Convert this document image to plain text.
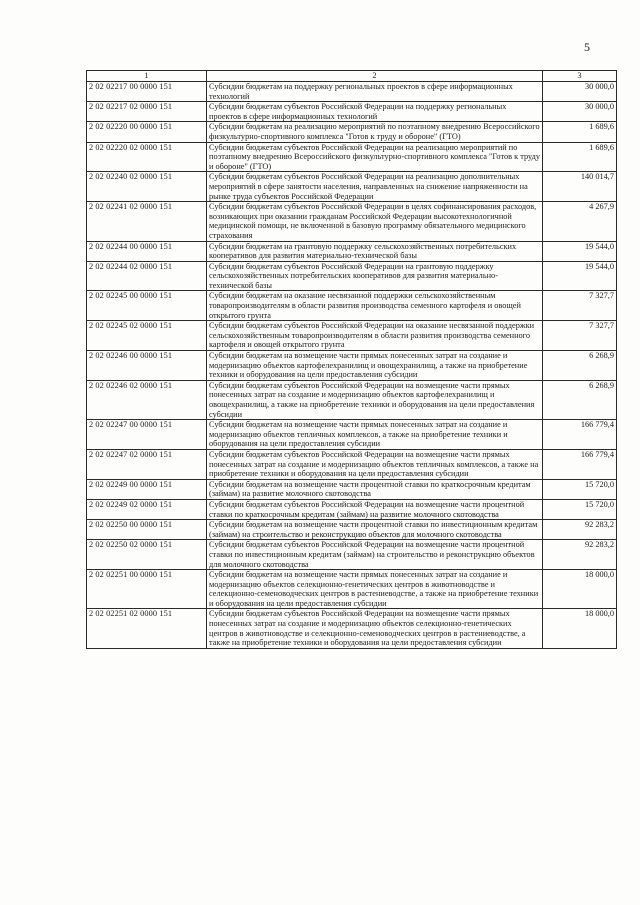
5
1	2	3
2 02 02217 00 0000 151	Субсидии бюджетам на поддержку региональных проектов в сфере информационных технологий	30 000,0
2 02 02217 02 0000 151	Субсидии бюджетам субъектов Российской Федерации на поддержку региональных проектов в сфере информационных технологий	30 000,0
2 02 02220 00 0000 151	Субсидии бюджетам на реализацию мероприятий по поэтапному внедрению Всероссийского физкультурно-спортивного комплекса "Готов к труду и обороне" (ГТО)	1 689,6
2 02 02220 02 0000 151	Субсидии бюджетам субъектов Российской Федерации на реализацию мероприятий по поэтапному внедрению Всероссийского физкультурно-спортивного комплекса "Готов к труду и обороне" (ГТО)	1 689,6
2 02 02240 02 0000 151	Субсидии бюджетам субъектов Российской Федерации на реализацию дополнительных мероприятий в сфере занятости населения, направленных на снижение напряженности на рынке труда субъектов Российской Федерации	140 014,7
2 02 02241 02 0000 151	Субсидии бюджетам субъектов Российской Федерации в целях софинансирования расходов, возникающих при оказании гражданам Российской Федерации высокотехнологичной медицинской помощи, не включенной в базовую программу обязательного медицинского страхования	4 267,9
2 02 02244 00 0000 151	Субсидии бюджетам на грантовую поддержку сельскохозяйственных потребительских кооперативов для развития материально-технической базы	19 544,0
2 02 02244 02 0000 151	Субсидии бюджетам субъектов Российской Федерации на грантовую поддержку сельскохозяйственных потребительских кооперативов для развития материально-технической базы	19 544,0
2 02 02245 00 0000 151	Субсидии бюджетам на оказание несвязанной поддержки сельскохозяйственным товаропроизводителям в области развития производства семенного картофеля и овощей открытого грунта	7 327,7
2 02 02245 02 0000 151	Субсидии бюджетам субъектов Российской Федерации на оказание несвязанной поддержки сельскохозяйственным товаропроизводителям в области развития производства семенного картофеля и овощей открытого грунта	7 327,7
2 02 02246 00 0000 151	Субсидии бюджетам на возмещение части прямых понесенных затрат на создание и модернизацию объектов картофелехранилищ и овощехранилищ, а также на приобретение техники и оборудования на цели предоставления субсидии	6 268,9
2 02 02246 02 0000 151	Субсидии бюджетам субъектов Российской Федерации на возмещение части прямых понесенных затрат на создание и модернизацию объектов картофелехранилищ и овощехранилищ, а также на приобретение техники и оборудования на цели предоставления субсидии	6 268,9
2 02 02247 00 0000 151	Субсидии бюджетам на возмещение части прямых понесенных затрат на создание и модернизацию объектов тепличных комплексов, а также на приобретение техники и оборудования на цели предоставления субсидии	166 779,4
2 02 02247 02 0000 151	Субсидии бюджетам субъектов Российской Федерации на возмещение части прямых понесенных затрат на создание и модернизацию объектов тепличных комплексов, а также на приобретение техники и оборудования на цели предоставления субсидии	166 779,4
2 02 02249 00 0000 151	Субсидии бюджетам на возмещение части процентной ставки по краткосрочным кредитам (займам) на развитие молочного скотоводства	15 720,0
2 02 02249 02 0000 151	Субсидии бюджетам субъектов Российской Федерации на возмещение части процентной ставки по краткосрочным кредитам (займам) на развитие молочного скотоводства	15 720,0
2 02 02250 00 0000 151	Субсидии бюджетам на возмещение части процентной ставки по инвестиционным кредитам (займам) на строительство и реконструкцию объектов для молочного скотоводства	92 283,2
2 02 02250 02 0000 151	Субсидии бюджетам субъектов Российской Федерации на возмещение части процентной ставки по инвестиционным кредитам (займам) на строительство и реконструкцию объектов для молочного скотоводства	92 283,2
2 02 02251 00 0000 151	Субсидии бюджетам на возмещение части прямых понесенных затрат на создание и модернизацию объектов селекционно-генетических центров в животноводстве и селекционно-семеноводческих центров в растениеводстве, а также на приобретение техники и оборудования на цели предоставления субсидии	18 000,0
2 02 02251 02 0000 151	Субсидии бюджетам субъектов Российской Федерации на возмещение части прямых понесенных затрат на создание и модернизацию объектов селекционно-генетических центров в животноводстве и селекционно-семеноводческих центров в растениеводстве, а также на приобретение техники и оборудования на цели предоставления субсидии	18 000,0
